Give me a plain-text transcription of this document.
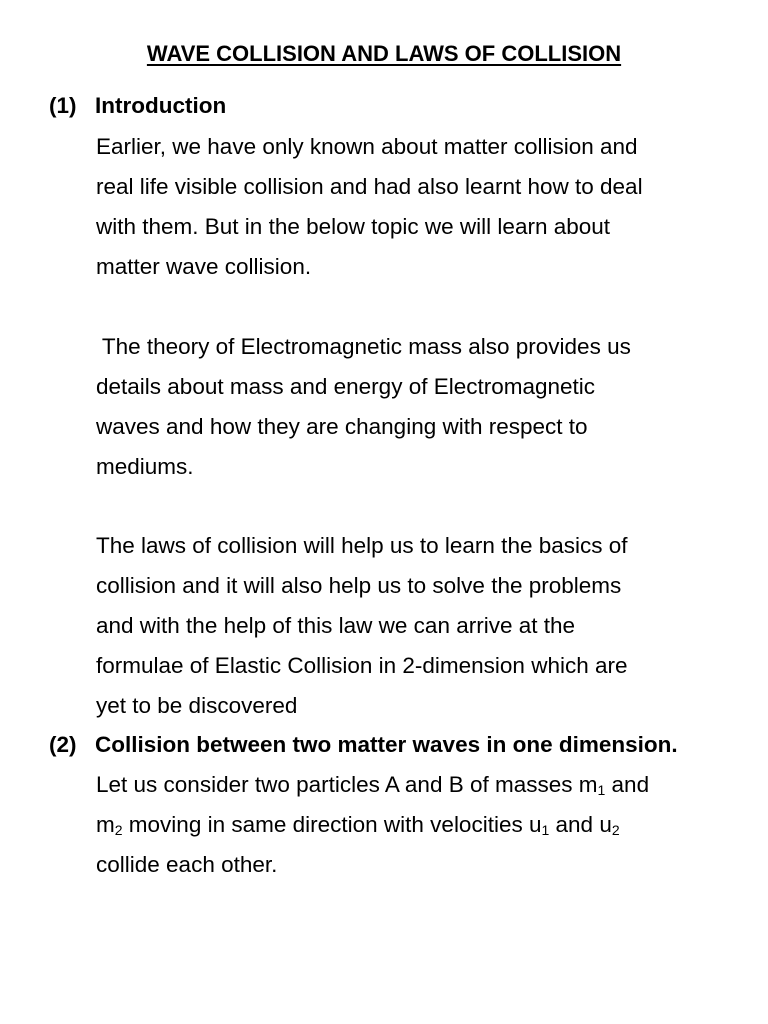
WAVE COLLISION AND LAWS OF COLLISION
(1) Introduction
Earlier, we have only known about matter collision and
real life visible collision and had also learnt how to deal
with them. But in the below topic we will learn about
matter wave collision.
The theory of Electromagnetic mass also provides us
details about mass and energy of Electromagnetic
waves and how they are changing with respect to
mediums.
The laws of collision will help us to learn the basics of
collision and it will also help us to solve the problems
and with the help of this law we can arrive at the
formulae of Elastic Collision in 2-dimension which are
yet to be discovered
(2) Collision between two matter waves in one dimension.
Let us consider two particles A and B of masses $m_1$ and
$m_2$ moving in same direction with velocities $u_1$ and $u_2$
collide each other.
